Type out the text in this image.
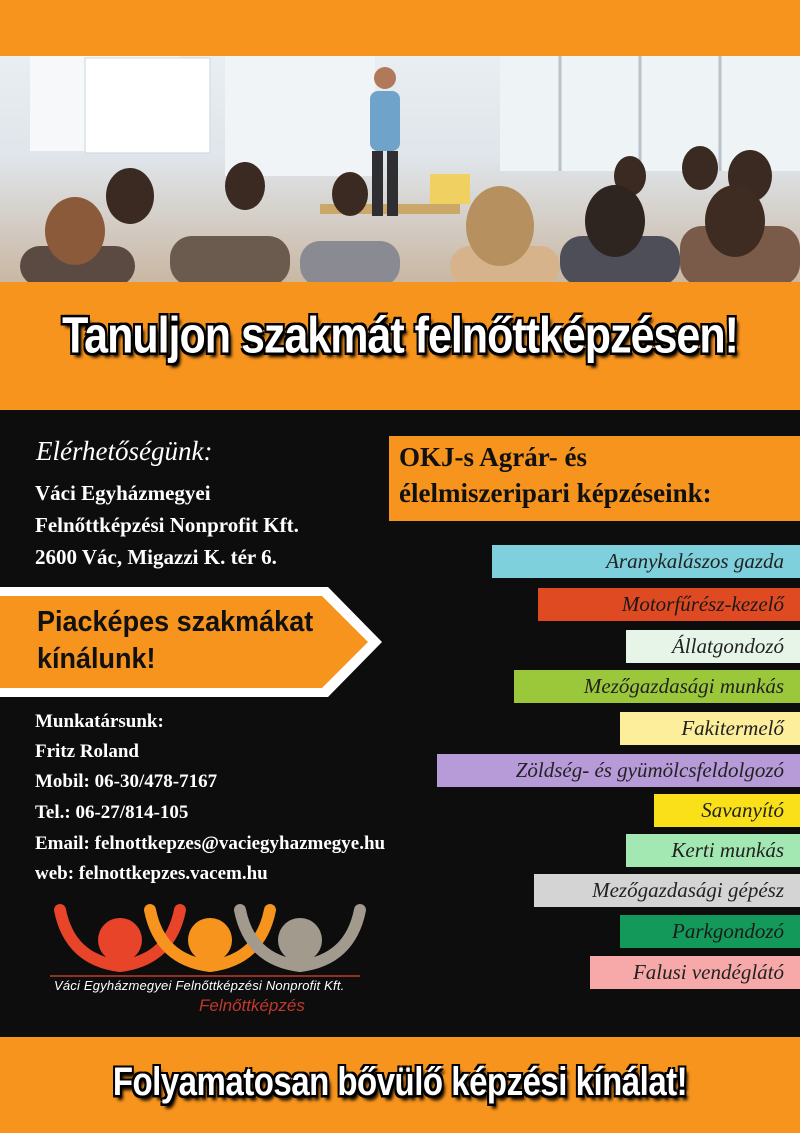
Tanuljon szakmát felnőttképzésen!
Elérhetőségünk:
Váci Egyházmegyei
Felnőttképzési Nonprofit Kft.
2600 Vác, Migazzi K. tér 6.
Piacképes szakmákat
kínálunk!
Munkatársunk:
Fritz Roland
Mobil: 06-30/478-7167
Tel.: 06-27/814-105
Email: felnottkepzes@vaciegyhazmegye.hu
web: felnottkepzes.vacem.hu
Váci Egyházmegyei Felnőttképzési Nonprofit Kft.
Felnőttképzés
OKJ-s Agrár- és
élelmiszeripari képzéseink:
Aranykalászos gazda
Motorfűrész-kezelő
Állatgondozó
Mezőgazdasági munkás
Fakitermelő
Zöldség- és gyümölcsfeldolgozó
Savanyító
Kerti munkás
Mezőgazdasági gépész
Parkgondozó
Falusi vendéglátó
Folyamatosan bővülő képzési kínálat!
